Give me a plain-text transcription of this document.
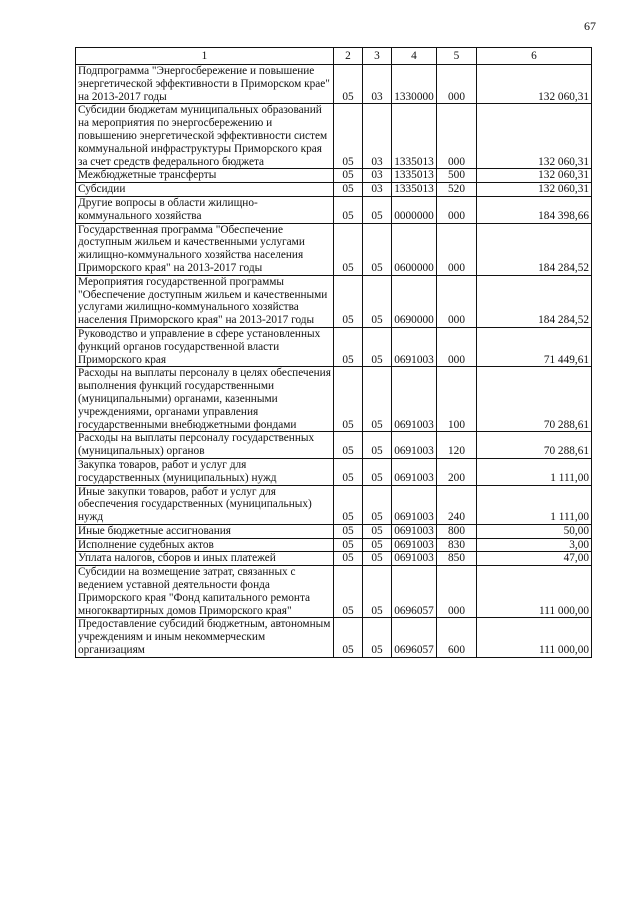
67
1	2	3	4	5	6
Подпрограмма "Энергосбережение и повышение энергетической эффективности в Приморском крае" на 2013-2017 годы	05	03	1330000	000	132 060,31
Субсидии бюджетам муниципальных образований на мероприятия по энергосбережению и повышению энергетической эффективности систем коммунальной инфраструктуры Приморского края за счет средств федерального бюджета	05	03	1335013	000	132 060,31
Межбюджетные трансферты	05	03	1335013	500	132 060,31
Субсидии	05	03	1335013	520	132 060,31
Другие вопросы в области жилищно-коммунального хозяйства	05	05	0000000	000	184 398,66
Государственная программа "Обеспечение доступным жильем и качественными услугами жилищно-коммунального хозяйства населения Приморского края" на 2013-2017 годы	05	05	0600000	000	184 284,52
Мероприятия государственной программы "Обеспечение доступным жильем и качественными услугами жилищно-коммунального хозяйства населения Приморского края" на 2013-2017 годы	05	05	0690000	000	184 284,52
Руководство и управление в сфере установленных функций органов государственной власти Приморского края	05	05	0691003	000	71 449,61
Расходы на выплаты персоналу в целях обеспечения выполнения функций государственными (муниципальными) органами, казенными учреждениями, органами управления государственными внебюджетными фондами	05	05	0691003	100	70 288,61
Расходы на выплаты персоналу государственных (муниципальных) органов	05	05	0691003	120	70 288,61
Закупка товаров, работ и услуг для государственных (муниципальных) нужд	05	05	0691003	200	1 111,00
Иные закупки товаров, работ и услуг для обеспечения государственных (муниципальных) нужд	05	05	0691003	240	1 111,00
Иные бюджетные ассигнования	05	05	0691003	800	50,00
Исполнение судебных актов	05	05	0691003	830	3,00
Уплата налогов, сборов и иных платежей	05	05	0691003	850	47,00
Субсидии на возмещение затрат, связанных с ведением уставной деятельности фонда Приморского края "Фонд капитального ремонта многоквартирных домов Приморского края"	05	05	0696057	000	111 000,00
Предоставление субсидий бюджетным, автономным учреждениям и иным некоммерческим организациям	05	05	0696057	600	111 000,00
